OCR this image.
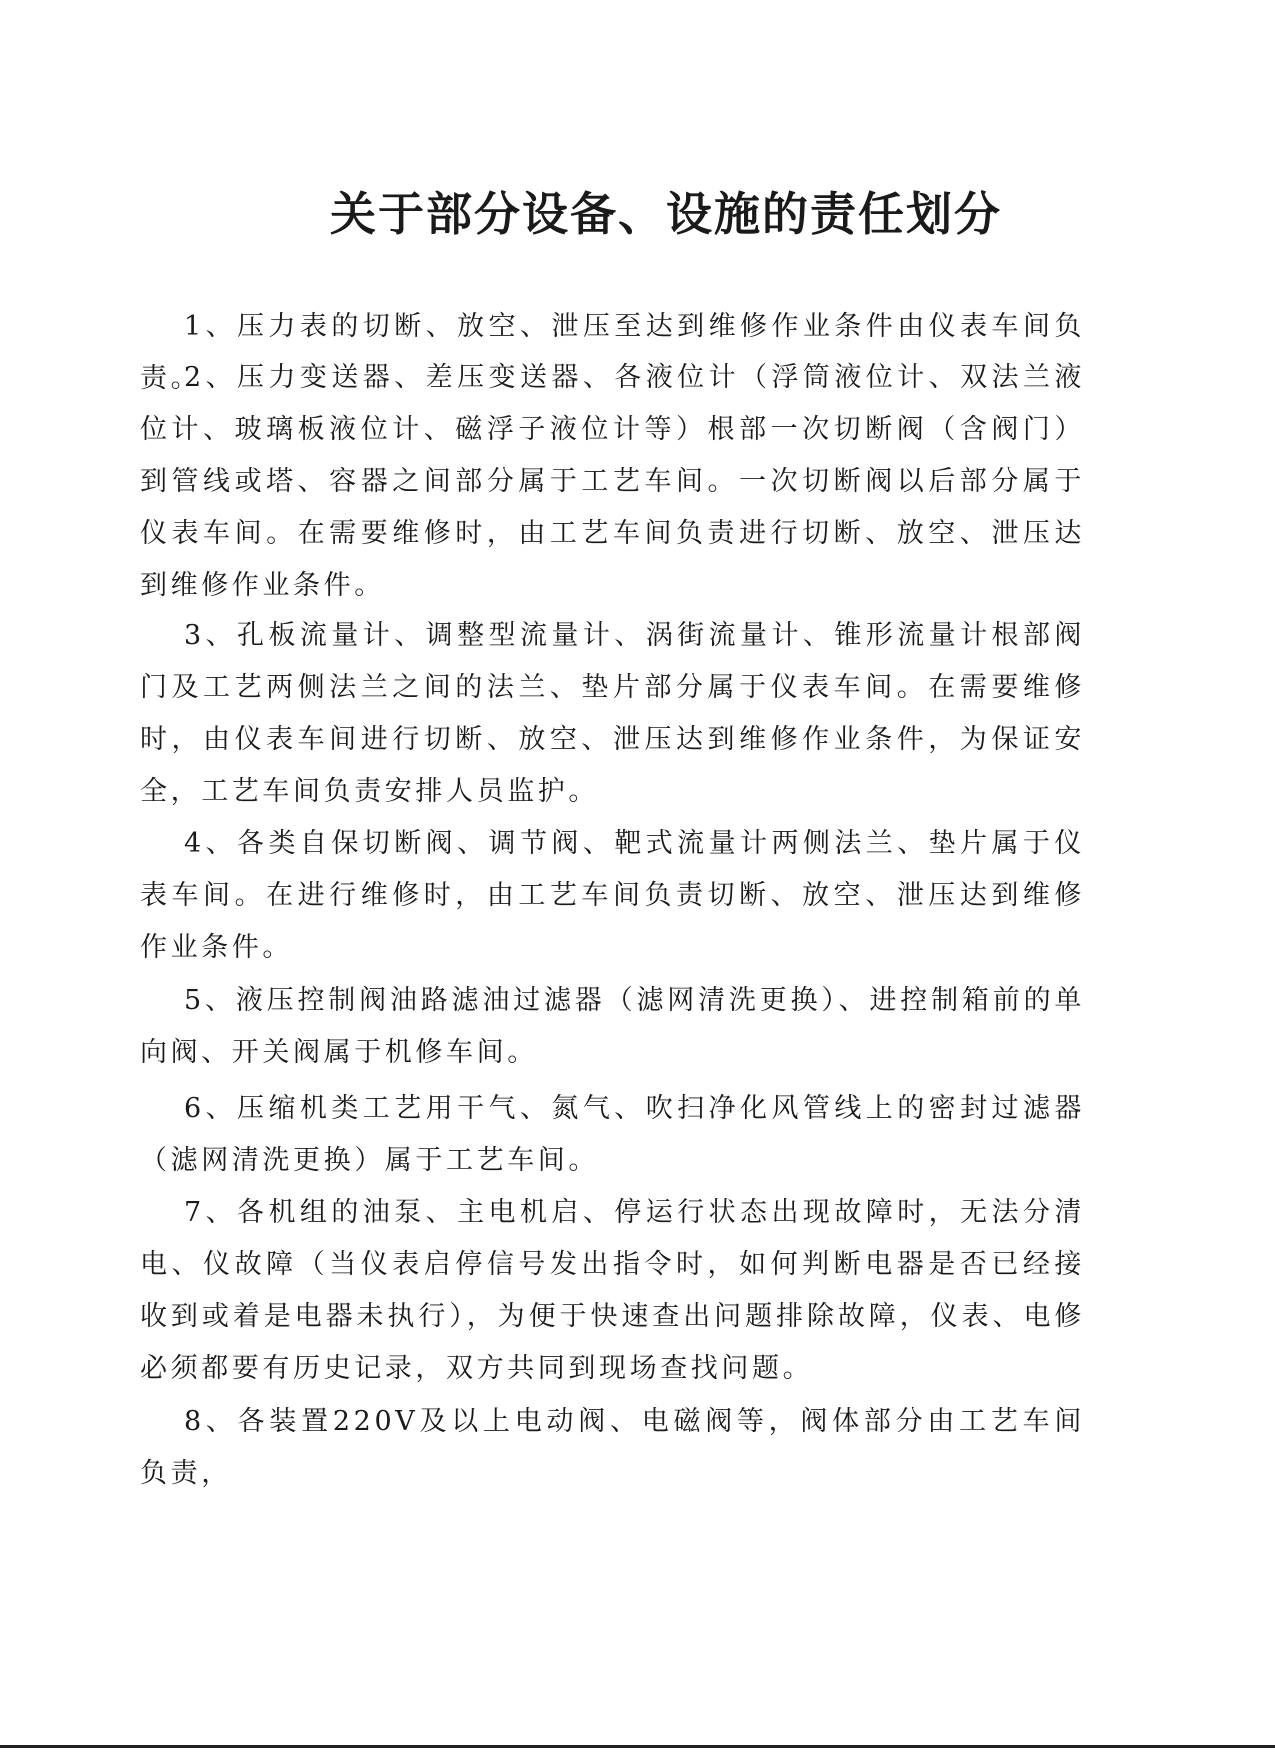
关于部分设备、设施的责任划分

1、压力表的切断、放空、泄压至达到维修作业条件由仪表车间负责。

2、压力变送器、差压变送器、各液位计（浮筒液位计、双法兰液位计、玻璃板液位计、磁浮子液位计等）根部一次切断阀（含阀门）到管线或塔、容器之间部分属于工艺车间。一次切断阀以后部分属于仪表车间。在需要维修时，由工艺车间负责进行切断、放空、泄压达到维修作业条件。

3、孔板流量计、调整型流量计、涡街流量计、锥形流量计根部阀门及工艺两侧法兰之间的法兰、垫片部分属于仪表车间。在需要维修时，由仪表车间进行切断、放空、泄压达到维修作业条件，为保证安全，工艺车间负责安排人员监护。

4、各类自保切断阀、调节阀、靶式流量计两侧法兰、垫片属于仪表车间。在进行维修时，由工艺车间负责切断、放空、泄压达到维修作业条件。

5、液压控制阀油路滤油过滤器（滤网清洗更换）、进控制箱前的单向阀、开关阀属于机修车间。

6、压缩机类工艺用干气、氮气、吹扫净化风管线上的密封过滤器（滤网清洗更换）属于工艺车间。

7、各机组的油泵、主电机启、停运行状态出现故障时，无法分清电、仪故障（当仪表启停信号发出指令时，如何判断电器是否已经接收到或着是电器未执行），为便于快速查出问题排除故障，仪表、电修必须都要有历史记录，双方共同到现场查找问题。

8、各装置220V及以上电动阀、电磁阀等，阀体部分由工艺车间负责，
